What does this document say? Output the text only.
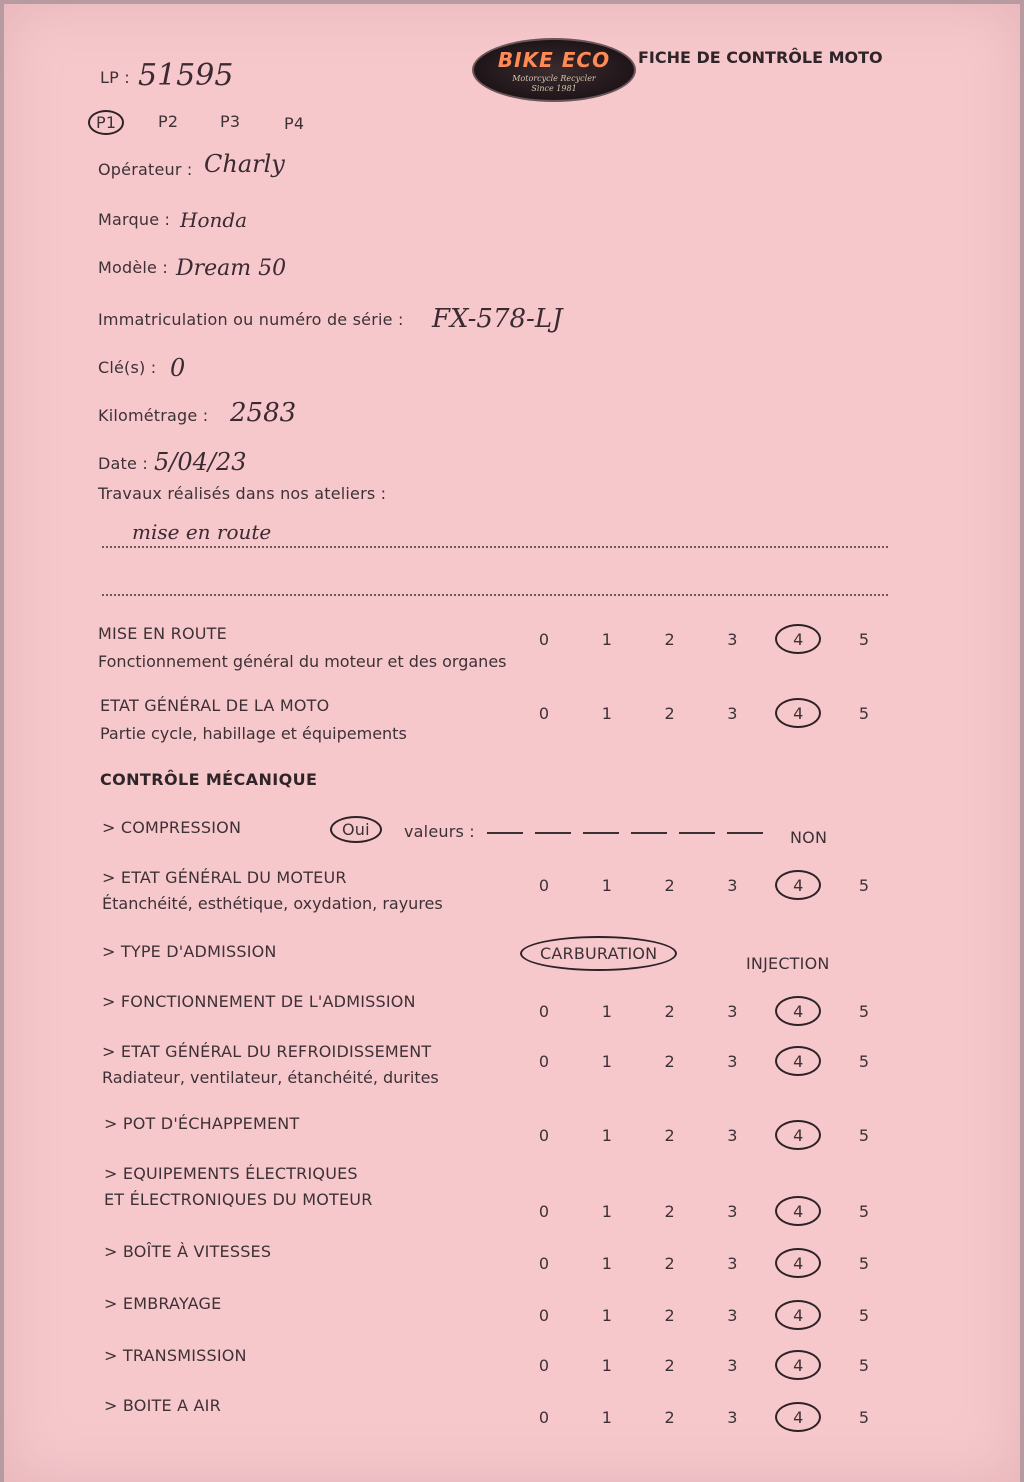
LP : 51595	BIKE ECO
Motorcycle Recycler
Since 1981
FICHE DE CONTRÔLE MOTO
P1	P2	P3	P4
Opérateur : Charly
Marque : Honda
Modèle : Dream 50
Immatriculation ou numéro de série : FX-578-LJ
Clé(s) : 0
Kilométrage : 2583
Date : 5/04/23
Travaux réalisés dans nos ateliers :
mise en route
MISE EN ROUTE
Fonctionnement général du moteur et des organes
0	1	2	3	4	5
ETAT GÉNÉRAL DE LA MOTO
Partie cycle, habillage et équipements
0	1	2	3	4	5
CONTRÔLE MÉCANIQUE
> COMPRESSION	Oui	valeurs :	NON
> ETAT GÉNÉRAL DU MOTEUR
Étanchéité, esthétique, oxydation, rayures
0	1	2	3	4	5
> TYPE D'ADMISSION	CARBURATION
INJECTION
> FONCTIONNEMENT DE L'ADMISSION	0	1	2	3	4	5
> ETAT GÉNÉRAL DU REFROIDISSEMENT
Radiateur, ventilateur, étanchéité, durites
0	1	2	3	4	5
> POT D'ÉCHAPPEMENT
0	1	2	3	4	5
> EQUIPEMENTS ÉLECTRIQUES
ET ÉLECTRONIQUES DU MOTEUR
0	1	2	3	4	5
> BOÎTE À VITESSES
0	1	2	3	4	5
> EMBRAYAGE
0	1	2	3	4	5
> TRANSMISSION	0	1	2	3	4	5
> BOITE A AIR
0	1	2	3	4	5
